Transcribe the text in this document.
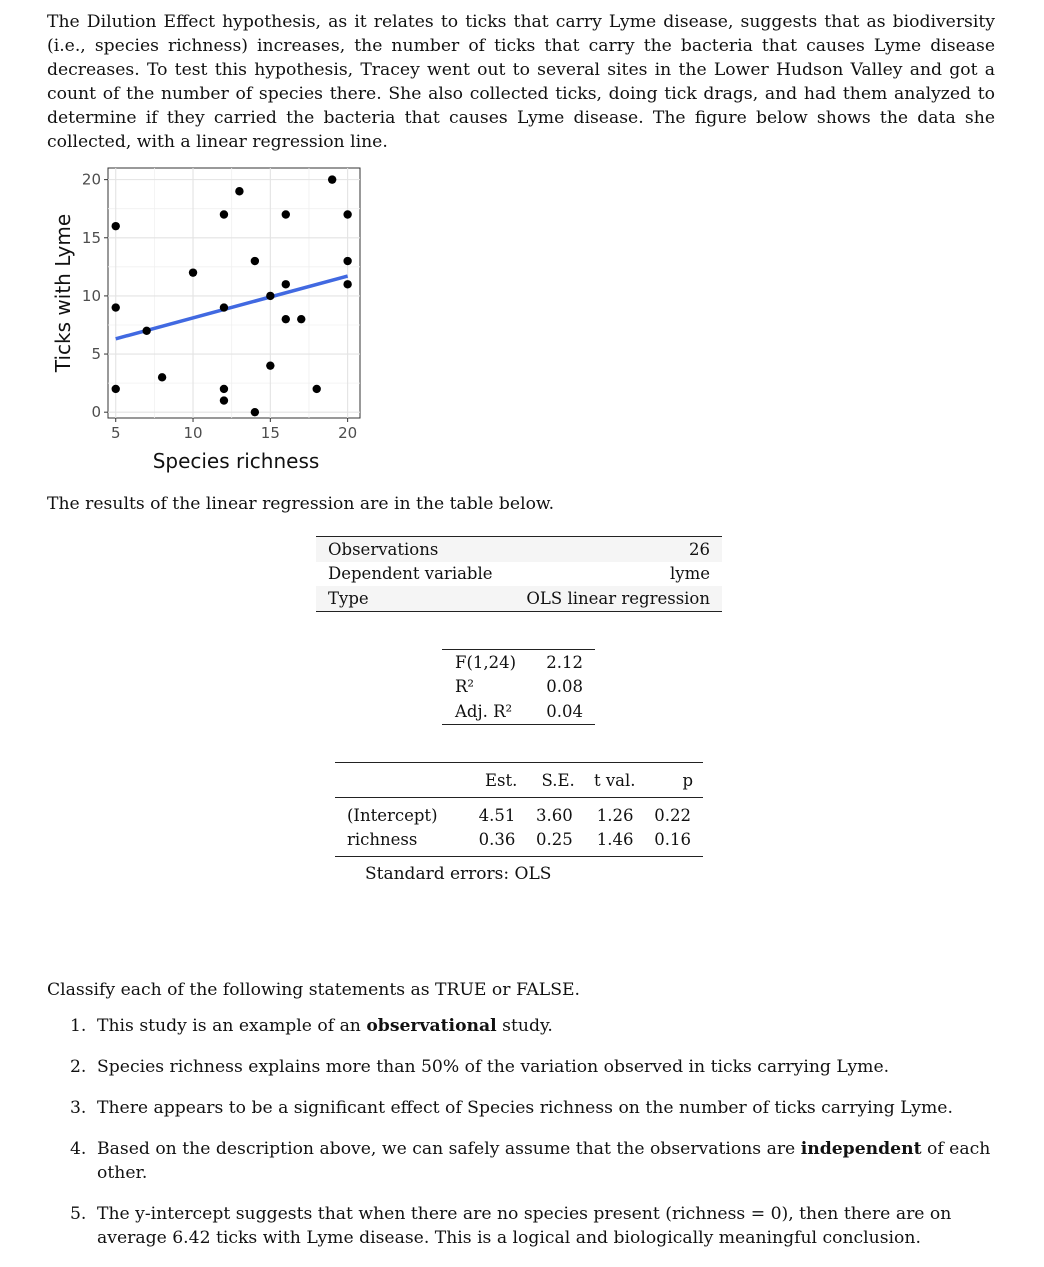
The Dilution Effect hypothesis, as it relates to ticks that carry Lyme disease, suggests that as biodiversity (i.e., species richness) increases, the number of ticks that carry the bacteria that causes Lyme disease decreases. To test this hypothesis, Tracey went out to several sites in the Lower Hudson Valley and got a count of the number of species there. She also collected ticks, doing tick drags, and had them analyzed to determine if they carried the bacteria that causes Lyme disease. The figure below shows the data she collected, with a linear regression line.

5	10	15	20
0
5
10
15
20
Species richness
Ticks with Lyme

The results of the linear regression are in the table below.

Observations	26
Dependent variable	lyme
Type	OLS linear regression
F(1,24)	2.12
R²	0.08
Adj. R²	0.04
	Est.	S.E.	t val.	p
(Intercept)	4.51	3.60	1.26	0.22
richness	0.36	0.25	1.46	0.16

Standard errors: OLS

Classify each of the following statements as TRUE or FALSE.

1. This study is an example of an observational study.
2. Species richness explains more than 50% of the variation observed in ticks carrying Lyme.
3. There appears to be a significant effect of Species richness on the number of ticks carrying Lyme.
4. Based on the description above, we can safely assume that the observations are independent of each other.
5. The y-intercept suggests that when there are no species present (richness = 0), then there are on average 6.42 ticks with Lyme disease. This is a logical and biologically meaningful conclusion.
